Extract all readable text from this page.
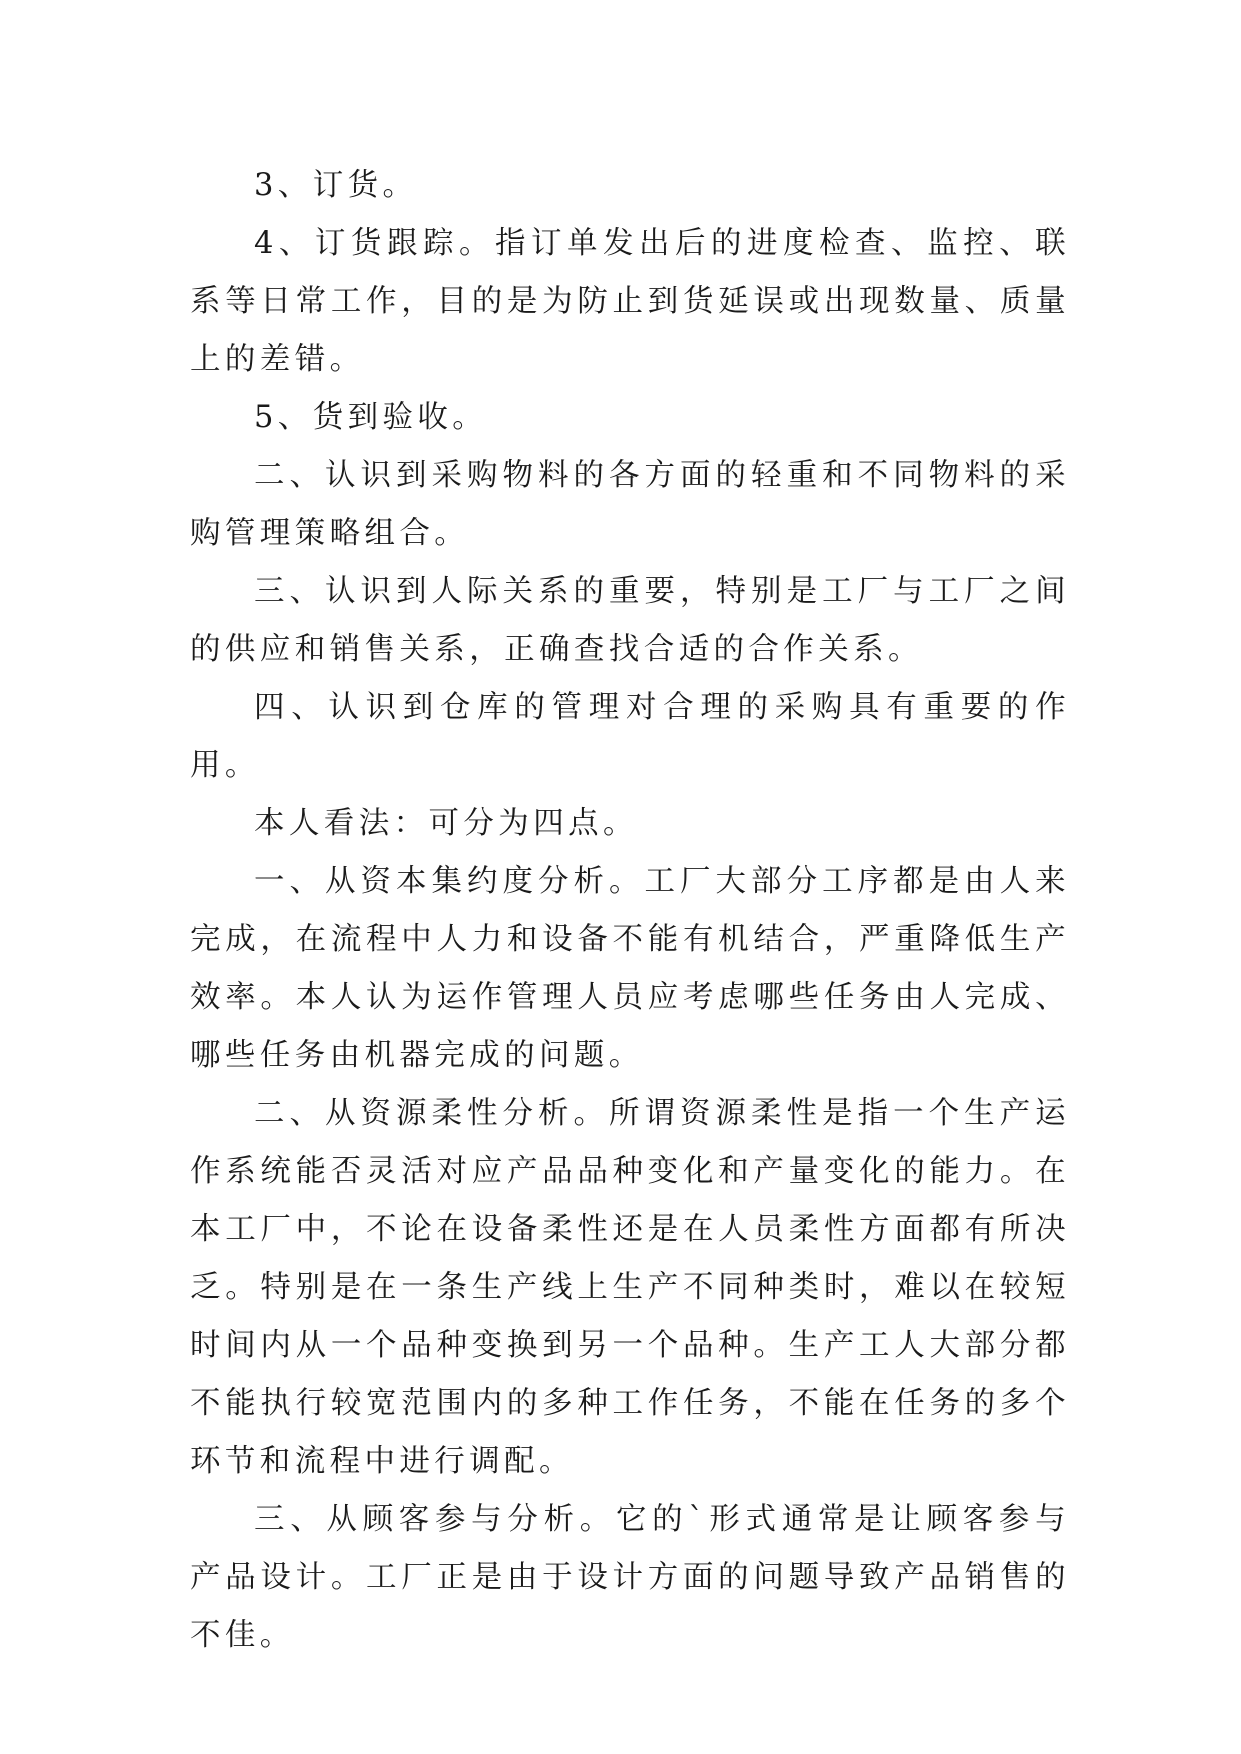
3、订货。

4、订货跟踪。指订单发出后的进度检查、监控、联系等日常工作，目的是为防止到货延误或出现数量、质量上的差错。

5、货到验收。

二、认识到采购物料的各方面的轻重和不同物料的采购管理策略组合。

三、认识到人际关系的重要，特别是工厂与工厂之间的供应和销售关系，正确查找合适的合作关系。

四、认识到仓库的管理对合理的采购具有重要的作用。

本人看法：可分为四点。

一、从资本集约度分析。工厂大部分工序都是由人来完成，在流程中人力和设备不能有机结合，严重降低生产效率。本人认为运作管理人员应考虑哪些任务由人完成、哪些任务由机器完成的问题。

二、从资源柔性分析。所谓资源柔性是指一个生产运作系统能否灵活对应产品品种变化和产量变化的能力。在本工厂中，不论在设备柔性还是在人员柔性方面都有所决乏。特别是在一条生产线上生产不同种类时，难以在较短时间内从一个品种变换到另一个品种。生产工人大部分都不能执行较宽范围内的多种工作任务，不能在任务的多个环节和流程中进行调配。

三、从顾客参与分析。它的`形式通常是让顾客参与产品设计。工厂正是由于设计方面的问题导致产品销售的不佳。
